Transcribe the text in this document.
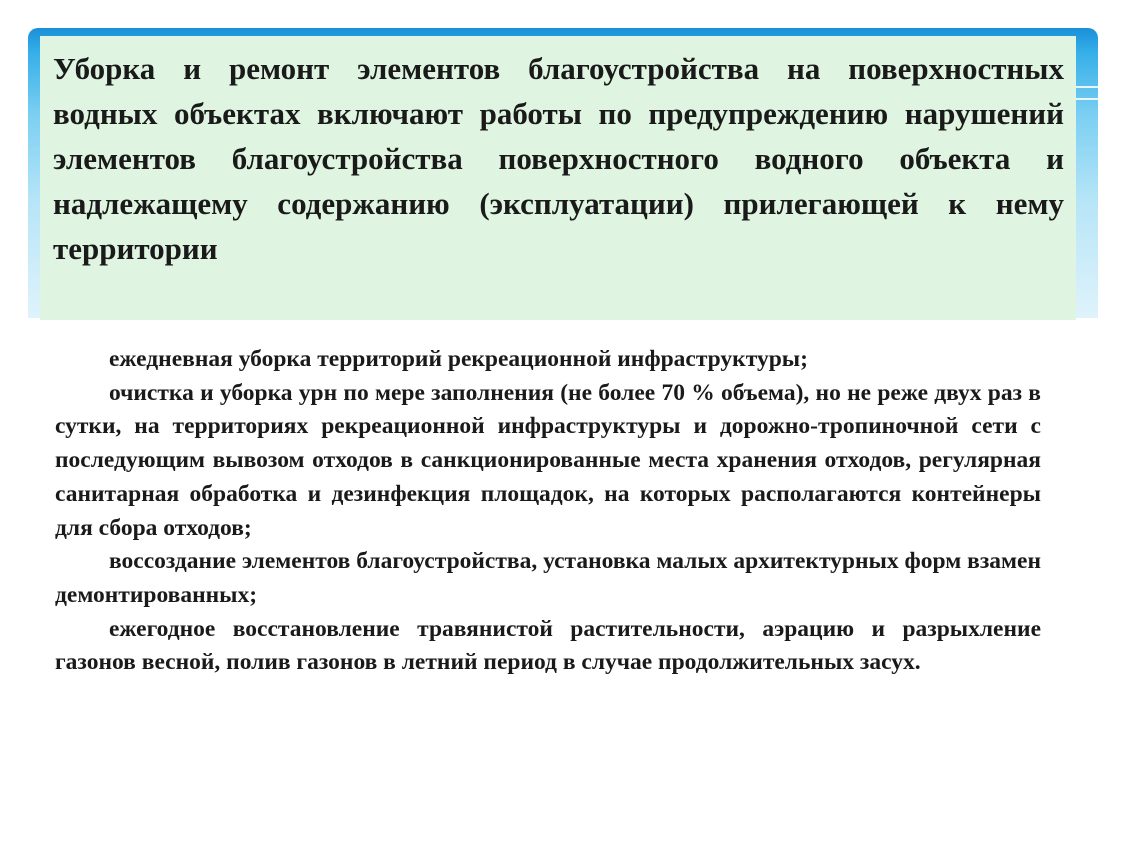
Уборка и ремонт элементов благоустройства на поверхностных водных объектах включают работы по предупреждению нарушений элементов благоустройства поверхностного водного объекта и надлежащему содержанию (эксплуатации) прилегающей к нему территории

ежедневная уборка территорий рекреационной инфраструктуры;

очистка и уборка урн по мере заполнения (не более 70 % объема), но не реже двух раз в сутки, на территориях рекреационной инфраструктуры и дорожно-тропиночной сети с последующим вывозом отходов в санкционированные места хранения отходов, регулярная санитарная обработка и дезинфекция площадок, на которых располагаются контейнеры для сбора отходов;

воссоздание элементов благоустройства, установка малых архитектурных форм взамен демонтированных;

ежегодное восстановление травянистой растительности, аэрацию и разрыхление газонов весной, полив газонов в летний период в случае продолжительных засух.
